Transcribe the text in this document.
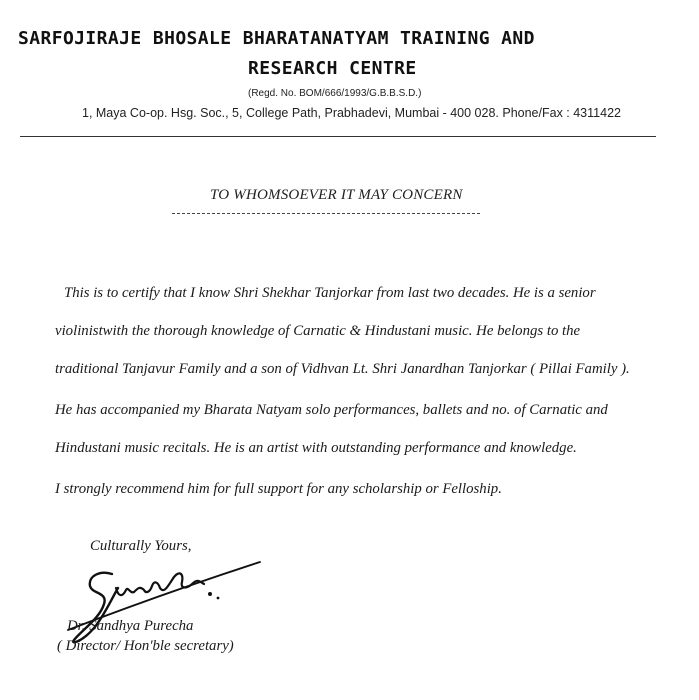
SARFOJIRAJE BHOSALE BHARATANATYAM TRAINING AND
RESEARCH CENTRE
(Regd. No. BOM/666/1993/G.B.B.S.D.)
1, Maya Co-op. Hsg. Soc., 5, College Path, Prabhadevi, Mumbai - 400 028. Phone/Fax : 4311422
TO WHOMSOEVER IT MAY CONCERN
This is to certify that I know Shri Shekhar Tanjorkar from last two decades. He is a senior
violinistwith the thorough knowledge of Carnatic & Hindustani music. He belongs to the
traditional Tanjavur Family and a son of Vidhvan Lt. Shri Janardhan Tanjorkar ( Pillai Family ).
He has accompanied my Bharata Natyam solo performances, ballets and no. of Carnatic and
Hindustani music recitals. He is an artist with outstanding performance and knowledge.
I strongly recommend him for full support for any scholarship or Felloship.
Culturally Yours,
Dr. Sandhya Purecha
( Director/ Hon'ble secretary)
